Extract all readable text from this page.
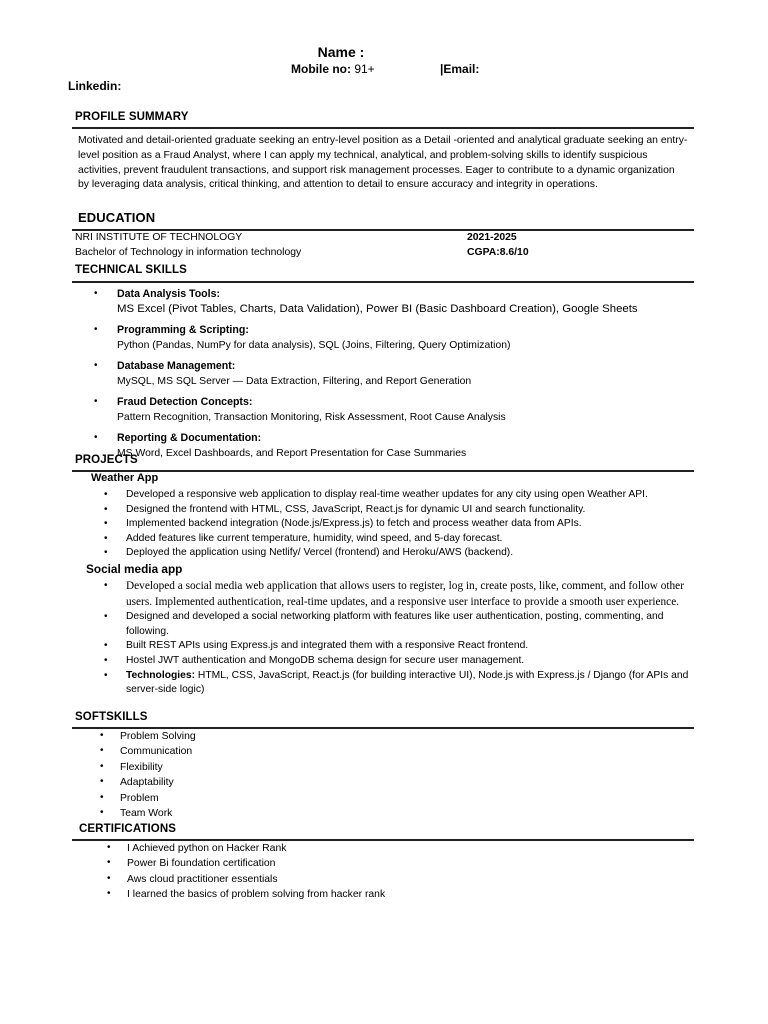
Name :
Mobile no: 91+	|Email:
Linkedin:
PROFILE SUMMARY
Motivated and detail-oriented graduate seeking an entry-level position as a Detail -oriented and analytical graduate seeking an entry-level position as a Fraud Analyst, where I can apply my technical, analytical, and problem-solving skills to identify suspicious activities, prevent fraudulent transactions, and support risk management processes. Eager to contribute to a dynamic organization by leveraging data analysis, critical thinking, and attention to detail to ensure accuracy and integrity in operations.
EDUCATION
NRI INSTITUTE OF TECHNOLOGY	2021-2025
Bachelor of Technology in information technology	CGPA:8.6/10
TECHNICAL SKILLS
• Data Analysis Tools:
MS Excel (Pivot Tables, Charts, Data Validation), Power BI (Basic Dashboard Creation), Google Sheets
• Programming & Scripting:
Python (Pandas, NumPy for data analysis), SQL (Joins, Filtering, Query Optimization)
• Database Management:
MySQL, MS SQL Server — Data Extraction, Filtering, and Report Generation
• Fraud Detection Concepts:
Pattern Recognition, Transaction Monitoring, Risk Assessment, Root Cause Analysis
• Reporting & Documentation:
MS Word, Excel Dashboards, and Report Presentation for Case Summaries
PROJECTS
Weather App
• Developed a responsive web application to display real-time weather updates for any city using open Weather API.
• Designed the frontend with HTML, CSS, JavaScript, React.js for dynamic UI and search functionality.
• Implemented backend integration (Node.js/Express.js) to fetch and process weather data from APIs.
• Added features like current temperature, humidity, wind speed, and 5-day forecast.
• Deployed the application using Netlify/ Vercel (frontend) and Heroku/AWS (backend).
Social media app
• Developed a social media web application that allows users to register, log in, create posts, like, comment, and follow other users. Implemented authentication, real-time updates, and a responsive user interface to provide a smooth user experience.
• Designed and developed a social networking platform with features like user authentication, posting, commenting, and following.
• Built REST APIs using Express.js and integrated them with a responsive React frontend.
• Hostel JWT authentication and MongoDB schema design for secure user management.
• Technologies: HTML, CSS, JavaScript, React.js (for building interactive UI), Node.js with Express.js / Django (for APIs and server-side logic)
SOFTSKILLS
• Problem Solving
• Communication
• Flexibility
• Adaptability
• Problem
• Team Work
CERTIFICATIONS
• I Achieved python on Hacker Rank
• Power Bi foundation certification
• Aws cloud practitioner essentials
• I learned the basics of problem solving from hacker rank
